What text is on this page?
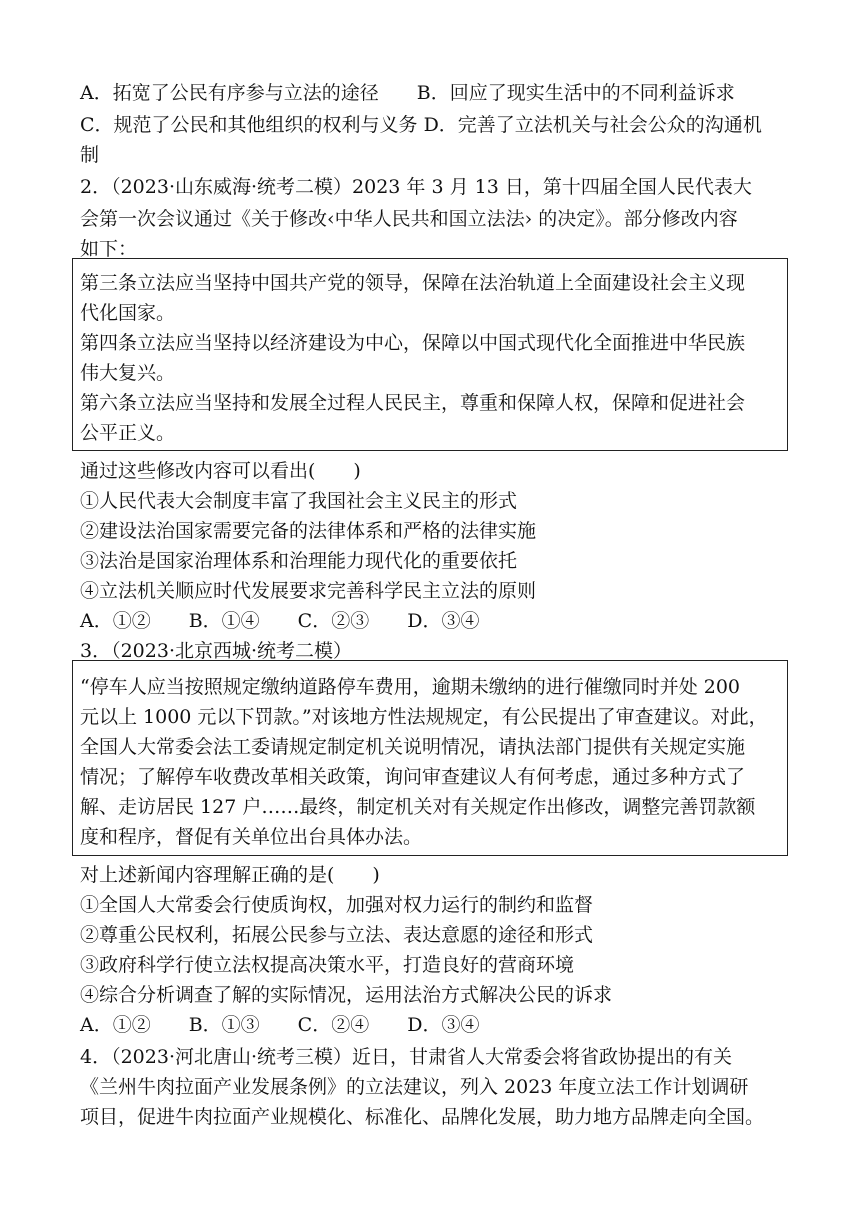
A．拓宽了公民有序参与立法的途径 B．回应了现实生活中的不同利益诉求
C．规范了公民和其他组织的权利与义务 D．完善了立法机关与社会公众的沟通机
制
2．（2023·山东威海·统考二模）2023 年 3 月 13 日，第十四届全国人民代表大
会第一次会议通过《关于修改‹中华人民共和国立法法› 的决定》。部分修改内容
如下：
第三条立法应当坚持中国共产党的领导，保障在法治轨道上全面建设社会主义现
代化国家。
第四条立法应当坚持以经济建设为中心，保障以中国式现代化全面推进中华民族
伟大复兴。
第六条立法应当坚持和发展全过程人民民主，尊重和保障人权，保障和促进社会
公平正义。
通过这些修改内容可以看出(　　)
①人民代表大会制度丰富了我国社会主义民主的形式
②建设法治国家需要完备的法律体系和严格的法律实施
③法治是国家治理体系和治理能力现代化的重要依托
④立法机关顺应时代发展要求完善科学民主立法的原则
A．①②　　B．①④　　C．②③　　D．③④
3．（2023·北京西城·统考二模）
“停车人应当按照规定缴纳道路停车费用，逾期未缴纳的进行催缴同时并处 200
元以上 1000 元以下罚款。”对该地方性法规规定，有公民提出了审查建议。对此，
全国人大常委会法工委请规定制定机关说明情况，请执法部门提供有关规定实施
情况；了解停车收费改革相关政策，询问审查建议人有何考虑，通过多种方式了
解、走访居民 127 户……最终，制定机关对有关规定作出修改，调整完善罚款额
度和程序，督促有关单位出台具体办法。
对上述新闻内容理解正确的是(　　)
①全国人大常委会行使质询权，加强对权力运行的制约和监督
②尊重公民权利，拓展公民参与立法、表达意愿的途径和形式
③政府科学行使立法权提高决策水平，打造良好的营商环境
④综合分析调查了解的实际情况，运用法治方式解决公民的诉求
A．①②　　B．①③　　C．②④　　D．③④
4．（2023·河北唐山·统考三模）近日，甘肃省人大常委会将省政协提出的有关
《兰州牛肉拉面产业发展条例》的立法建议，列入 2023 年度立法工作计划调研
项目，促进牛肉拉面产业规模化、标准化、品牌化发展，助力地方品牌走向全国。
